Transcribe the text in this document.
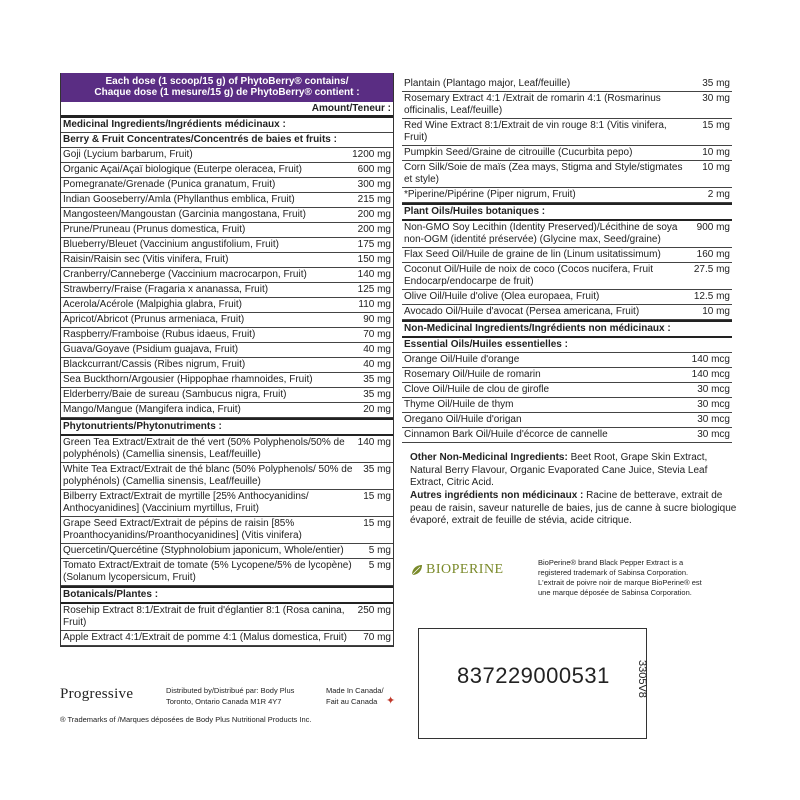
Each dose (1 scoop/15 g) of PhytoBerry® contains/
Chaque dose (1 mesure/15 g) de PhytoBerry® contient :
Amount/Teneur :
Medicinal Ingredients/Ingrédients médicinaux :
Berry & Fruit Concentrates/Concentrés de baies et fruits :
Goji (Lycium barbarum, Fruit)	1200 mg
Organic Açai/Açaï biologique (Euterpe oleracea, Fruit)	600 mg
Pomegranate/Grenade (Punica granatum, Fruit)	300 mg
Indian Gooseberry/Amla (Phyllanthus emblica, Fruit)	215 mg
Mangosteen/Mangoustan (Garcinia mangostana, Fruit)	200 mg
Prune/Pruneau (Prunus domestica, Fruit)	200 mg
Blueberry/Bleuet (Vaccinium angustifolium, Fruit)	175 mg
Raisin/Raisin sec (Vitis vinifera, Fruit)	150 mg
Cranberry/Canneberge (Vaccinium macrocarpon, Fruit)	140 mg
Strawberry/Fraise (Fragaria x ananassa, Fruit)	125 mg
Acerola/Acérole (Malpighia glabra, Fruit)	110 mg
Apricot/Abricot (Prunus armeniaca, Fruit)	90 mg
Raspberry/Framboise (Rubus idaeus, Fruit)	70 mg
Guava/Goyave (Psidium guajava, Fruit)	40 mg
Blackcurrant/Cassis (Ribes nigrum, Fruit)	40 mg
Sea Buckthorn/Argousier (Hippophae rhamnoides, Fruit)	35 mg
Elderberry/Baie de sureau (Sambucus nigra, Fruit)	35 mg
Mango/Mangue (Mangifera indica, Fruit)	20 mg
Phytonutrients/Phytonutriments :
Green Tea Extract/Extrait de thé vert (50% Polyphenols/50% de polyphénols) (Camellia sinensis, Leaf/feuille)
140 mg
White Tea Extract/Extrait de thé blanc (50% Polyphenols/ 50% de polyphénols) (Camellia sinensis, Leaf/feuille)
35 mg
Bilberry Extract/Extrait de myrtille [25% Anthocyanidins/ Anthocyanidines] (Vaccinium myrtillus, Fruit)
15 mg
Grape Seed Extract/Extrait de pépins de raisin [85% Proanthocyanidins/Proanthocyanidines] (Vitis vinifera)
15 mg
Quercetin/Quercétine (Styphnolobium japonicum, Whole/entier)	5 mg
Tomato Extract/Extrait de tomate (5% Lycopene/5% de lycopène) (Solanum lycopersicum, Fruit)
5 mg
Botanicals/Plantes :
Rosehip Extract 8:1/Extrait de fruit d'églantier 8:1 (Rosa canina, Fruit)
250 mg
Apple Extract 4:1/Extrait de pomme 4:1 (Malus domestica, Fruit)	70 mg
Plantain (Plantago major, Leaf/feuille)	35 mg
Rosemary Extract 4:1 /Extrait de romarin 4:1 (Rosmarinus officinalis, Leaf/feuille)
30 mg
Red Wine Extract 8:1/Extrait de vin rouge 8:1 (Vitis vinifera, Fruit)
15 mg
Pumpkin Seed/Graine de citrouille (Cucurbita pepo)	10 mg
Corn Silk/Soie de maïs (Zea mays, Stigma and Style/stigmates et style)
10 mg
*Piperine/Pipérine (Piper nigrum, Fruit)	2 mg
Plant Oils/Huiles botaniques :
Non-GMO Soy Lecithin (Identity Preserved)/Lécithine de soya non-OGM (identité préservée) (Glycine max, Seed/graine)
900 mg
Flax Seed Oil/Huile de graine de lin (Linum usitatissimum)	160 mg
Coconut Oil/Huile de noix de coco (Cocos nucifera, Fruit Endocarp/endocarpe de fruit)
27.5 mg
Olive Oil/Huile d'olive (Olea europaea, Fruit)	12.5 mg
Avocado Oil/Huile d'avocat (Persea americana, Fruit)	10 mg
Non-Medicinal Ingredients/Ingrédients non médicinaux :
Essential Oils/Huiles essentielles :
Orange Oil/Huile d'orange	140 mcg
Rosemary Oil/Huile de romarin	140 mcg
Clove Oil/Huile de clou de girofle	30 mcg
Thyme Oil/Huile de thym	30 mcg
Oregano Oil/Huile d'origan	30 mcg
Cinnamon Bark Oil/Huile d'écorce de cannelle	30 mcg
Other Non-Medicinal Ingredients: Beet Root, Grape Skin Extract, Natural Berry Flavour, Organic Evaporated Cane Juice, Stevia Leaf Extract, Citric Acid.
Autres ingrédients non médicinaux : Racine de betterave, extrait de peau de raisin, saveur naturelle de baies, jus de canne à sucre biologique évaporé, extrait de feuille de stévia, acide citrique.
BIOPERINE	BioPerine® brand Black Pepper Extract is a
registered trademark of Sabinsa Corporation.
L'extrait de poivre noir de marque BioPerine® est
une marque déposée de Sabinsa Corporation.
837229000531 3305V8
Progressive	Distributed by/Distribué par: Body Plus
Toronto, Ontario Canada M1R 4Y7
Made In Canada/
Fait au Canada ✦
® Trademarks of /Marques déposées de Body Plus Nutritional Products Inc.
